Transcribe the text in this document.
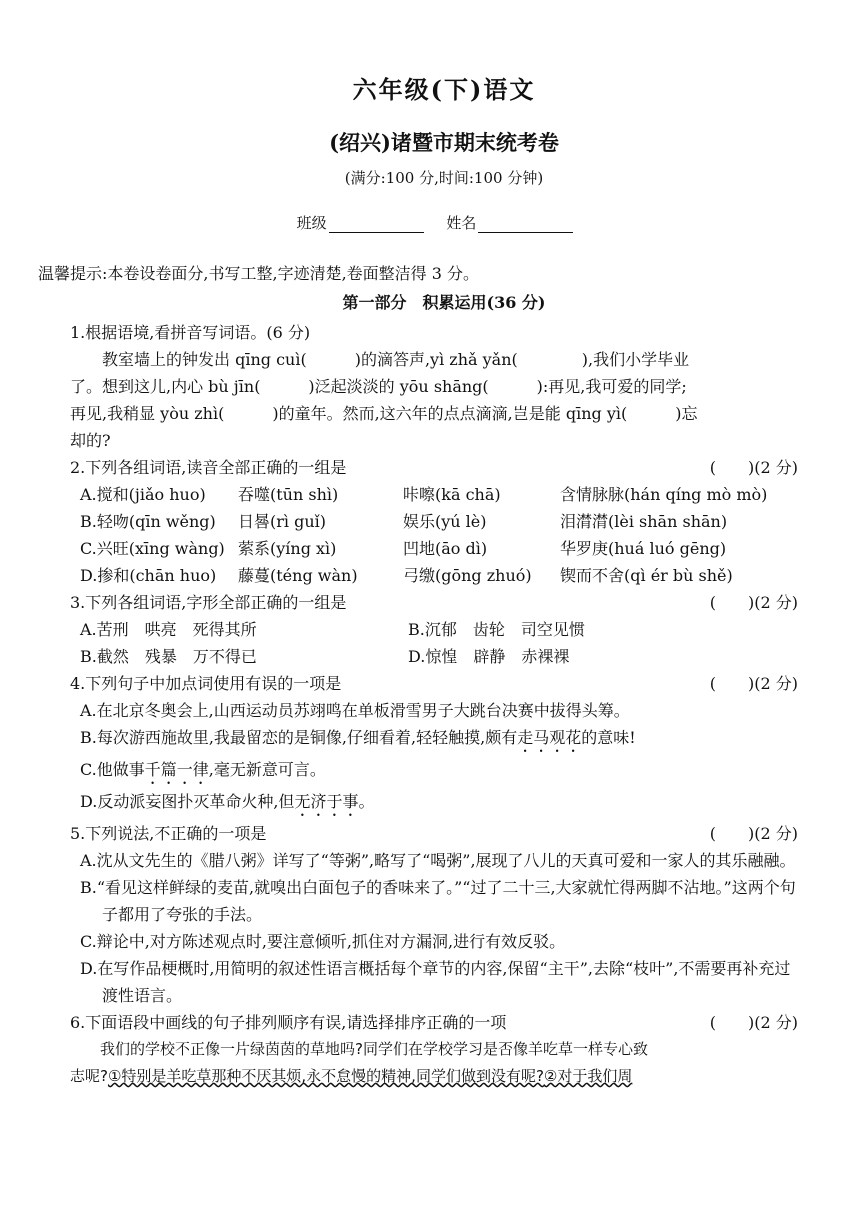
六年级(下)语文
(绍兴)诸暨市期末统考卷
(满分:100 分,时间:100 分钟)
班级	姓名
温馨提示:本卷设卷面分,书写工整,字迹清楚,卷面整洁得 3 分。
第一部分　积累运用(36 分)
1.根据语境,看拼音写词语。(6 分)
教室墙上的钟发出 qīng cuì(　　　)的滴答声,yì zhǎ yǎn(　　　　),我们小学毕业
了。想到这儿,内心 bù jīn(　　　)泛起淡淡的 yōu shāng(　　　):再见,我可爱的同学;
再见,我稍显 yòu zhì(　　　)的童年。然而,这六年的点点滴滴,岂是能 qīng yì(　　　)忘
却的?
2.下列各组词语,读音全部正确的一组是	(　　)(2 分)
A.搅和(jiǎo huo)	吞噬(tūn shì)	咔嚓(kā chā)	含情脉脉(hán qíng mò mò)
B.轻吻(qīn wěng)	日晷(rì guǐ)	娱乐(yú lè)	泪潸潸(lèi shān shān)
C.兴旺(xīng wàng) 萦系(yíng xì)	凹地(āo dì)	华罗庚(huá luó gēng)
D.掺和(chān huo)	藤蔓(téng wàn)	弓缴(gōng zhuó)	锲而不舍(qì ér bù shě)
3.下列各组词语,字形全部正确的一组是	(　　)(2 分)
A.苦刑　哄亮　死得其所	B.沉郁　齿轮　司空见惯
B.截然　残暴　万不得已	D.惊惶　辟静　赤裸裸
4.下列句子中加点词使用有误的一项是	(　　)(2 分)
A.在北京冬奥会上,山西运动员苏翊鸣在单板滑雪男子大跳台决赛中拔得头筹。
B.每次游西施故里,我最留恋的是铜像,仔细看着,轻轻触摸,颇有走马观花的意味!
C.他做事千篇一律,毫无新意可言。
D.反动派妄图扑灭革命火种,但无济于事。
5.下列说法,不正确的一项是	(　　)(2 分)
A.沈从文先生的《腊八粥》详写了“等粥”,略写了“喝粥”,展现了八儿的天真可爱和一家人的其乐融融。
B.“看见这样鲜绿的麦苗,就嗅出白面包子的香味来了。”“过了二十三,大家就忙得两脚不沾地。”这两个句子都用了夸张的手法。
C.辩论中,对方陈述观点时,要注意倾听,抓住对方漏洞,进行有效反驳。
D.在写作品梗概时,用简明的叙述性语言概括每个章节的内容,保留“主干”,去除“枝叶”,不需要再补充过渡性语言。
6.下面语段中画线的句子排列顺序有误,请选择排序正确的一项	(　　)(2 分)
我们的学校不正像一片绿茵茵的草地吗?同学们在学校学习是否像羊吃草一样专心致
志呢?①特别是羊吃草那种不厌其烦,永不怠慢的精神,同学们做到没有呢?②对于我们周
